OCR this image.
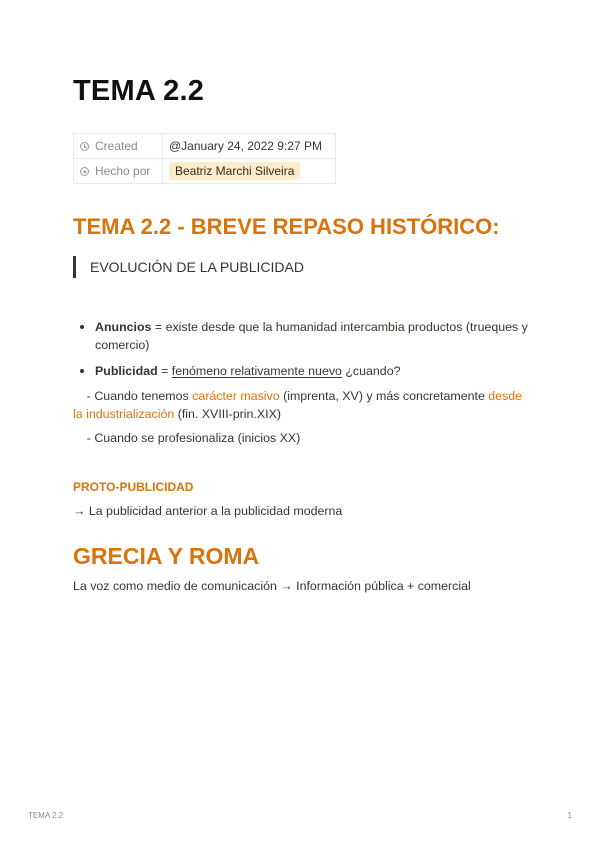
TEMA 2.2
Created	@January 24, 2022 9:27 PM
Hecho por	Beatriz Marchi Silveira
TEMA 2.2 - BREVE REPASO HISTÓRICO:
EVOLUCIÓN DE LA PUBLICIDAD
Anuncios = existe desde que la humanidad intercambia productos (trueques y comercio)
Publicidad = fenómeno relativamente nuevo ¿cuando?
- Cuando tenemos carácter masivo (imprenta, XV) y más concretamente desde la industrialización (fin. XVIII-prin.XIX)
- Cuando se profesionaliza (inicios XX)
PROTO-PUBLICIDAD
→ La publicidad anterior a la publicidad moderna
GRECIA Y ROMA
La voz como medio de comunicación → Información pública + comercial
TEMA 2.2	1
